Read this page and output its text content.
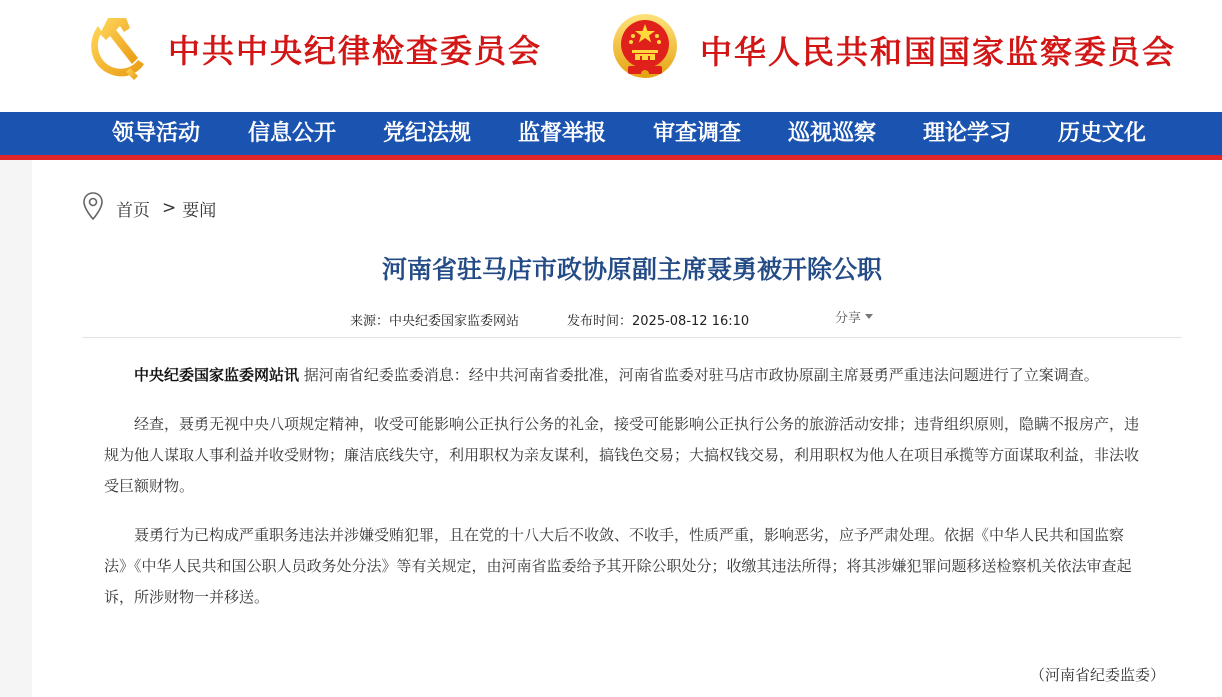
中共中央纪律检查委员会	中华人民共和国国家监察委员会
领导活动 信息公开 党纪法规 监督举报 审查调查 巡视巡察 理论学习 历史文化
首页 > 要闻
河南省驻马店市政协原副主席聂勇被开除公职
来源：中央纪委国家监委网站	发布时间：2025-08-12 16:10	分享

中央纪委国家监委网站讯 据河南省纪委监委消息：经中共河南省委批准，河南省监委对驻马店市政协原副主席聂勇严重违法问题进行了立案调查。

经查，聂勇无视中央八项规定精神，收受可能影响公正执行公务的礼金，接受可能影响公正执行公务的旅游活动安排；违背组织原则，隐瞒不报房产，违规为他人谋取人事利益并收受财物；廉洁底线失守，利用职权为亲友谋利，搞钱色交易；大搞权钱交易，利用职权为他人在项目承揽等方面谋取利益，非法收受巨额财物。

聂勇行为已构成严重职务违法并涉嫌受贿犯罪，且在党的十八大后不收敛、不收手，性质严重，影响恶劣，应予严肃处理。依据《中华人民共和国监察法》《中华人民共和国公职人员政务处分法》等有关规定，由河南省监委给予其开除公职处分；收缴其违法所得；将其涉嫌犯罪问题移送检察机关依法审查起诉，所涉财物一并移送。

（河南省纪委监委）
